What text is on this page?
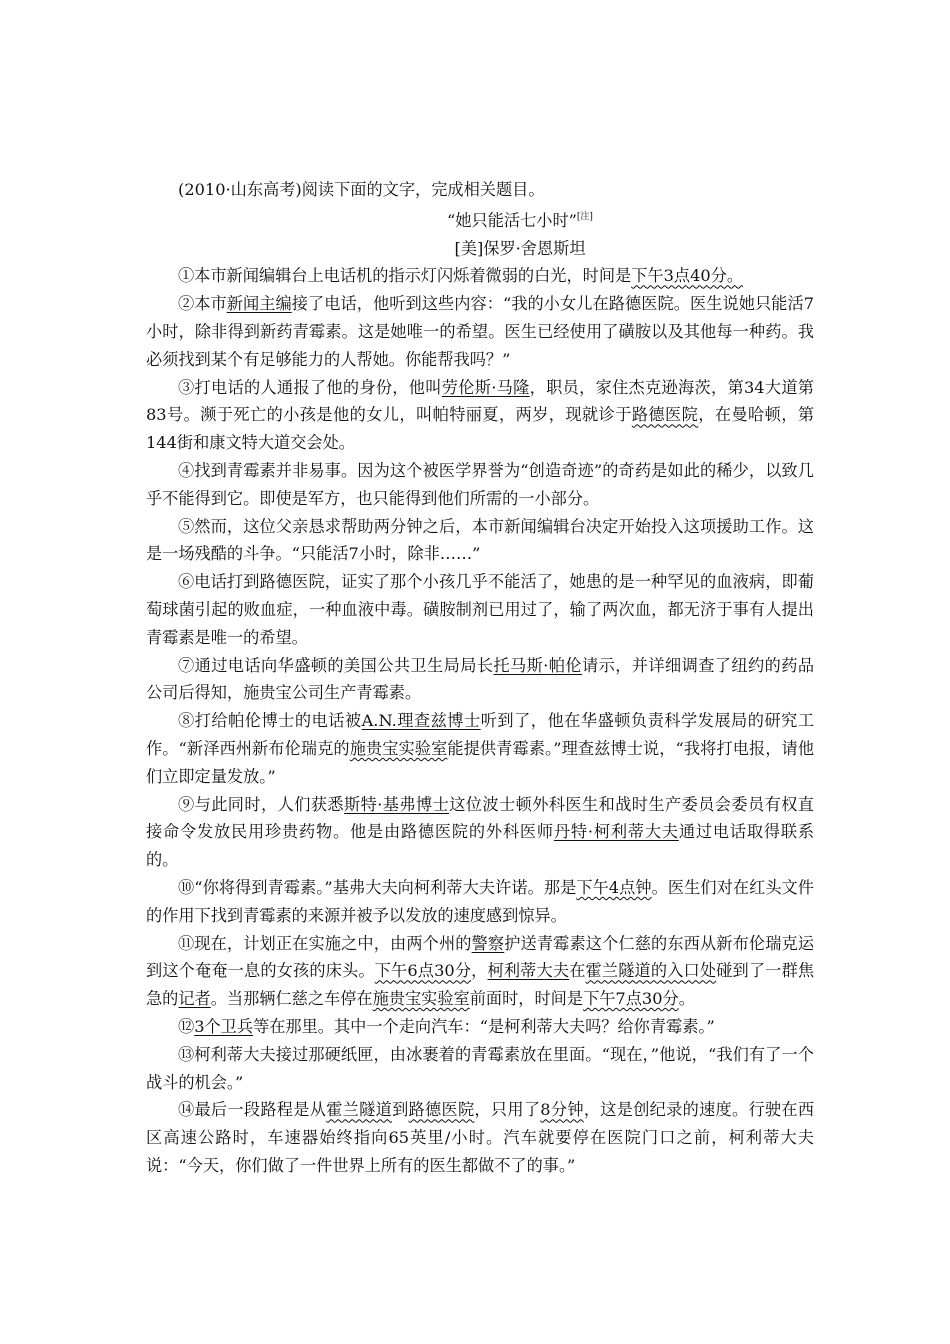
(2010·山东高考)阅读下面的文字，完成相关题目。

“她只能活七小时”[注]

[美]保罗·舍恩斯坦

①本市新闻编辑台上电话机的指示灯闪烁着微弱的白光，时间是下午3点40分。

②本市新闻主编接了电话，他听到这些内容：“我的小女儿在路德医院。医生说她只能活7小时，除非得到新药青霉素。这是她唯一的希望。医生已经使用了磺胺以及其他每一种药。我必须找到某个有足够能力的人帮她。你能帮我吗？”

③打电话的人通报了他的身份，他叫劳伦斯·马隆，职员，家住杰克逊海茨，第34大道第83号。濒于死亡的小孩是他的女儿，叫帕特丽夏，两岁，现就诊于路德医院，在曼哈顿，第144街和康文特大道交会处。

④找到青霉素并非易事。因为这个被医学界誉为“创造奇迹”的奇药是如此的稀少，以致几乎不能得到它。即使是军方，也只能得到他们所需的一小部分。

⑤然而，这位父亲恳求帮助两分钟之后，本市新闻编辑台决定开始投入这项援助工作。这是一场残酷的斗争。“只能活7小时，除非……”

⑥电话打到路德医院，证实了那个小孩几乎不能活了，她患的是一种罕见的血液病，即葡萄球菌引起的败血症，一种血液中毒。磺胺制剂已用过了，输了两次血，都无济于事有人提出青霉素是唯一的希望。

⑦通过电话向华盛顿的美国公共卫生局局长托马斯·帕伦请示，并详细调查了纽约的药品公司后得知，施贵宝公司生产青霉素。

⑧打给帕伦博士的电话被A.N.理查兹博士听到了，他在华盛顿负责科学发展局的研究工作。“新泽西州新布伦瑞克的施贵宝实验室能提供青霉素。”理查兹博士说，“我将打电报，请他们立即定量发放。”

⑨与此同时，人们获悉斯特·基弗博士这位波士顿外科医生和战时生产委员会委员有权直接命令发放民用珍贵药物。他是由路德医院的外科医师丹特·柯利蒂大夫通过电话取得联系的。

⑩“你将得到青霉素。”基弗大夫向柯利蒂大夫许诺。那是下午4点钟。医生们对在红头文件的作用下找到青霉素的来源并被予以发放的速度感到惊异。

⑪现在，计划正在实施之中，由两个州的警察护送青霉素这个仁慈的东西从新布伦瑞克运到这个奄奄一息的女孩的床头。下午6点30分，柯利蒂大夫在霍兰隧道的入口处碰到了一群焦急的记者。当那辆仁慈之车停在施贵宝实验室前面时，时间是下午7点30分。

⑫3个卫兵等在那里。其中一个走向汽车：“是柯利蒂大夫吗？给你青霉素。”

⑬柯利蒂大夫接过那硬纸匣，由冰裹着的青霉素放在里面。“现在，”他说，“我们有了一个战斗的机会。”

⑭最后一段路程是从霍兰隧道到路德医院，只用了8分钟，这是创纪录的速度。行驶在西区高速公路时，车速器始终指向65英里/小时。汽车就要停在医院门口之前，柯利蒂大夫说：“今天，你们做了一件世界上所有的医生都做不了的事。”
